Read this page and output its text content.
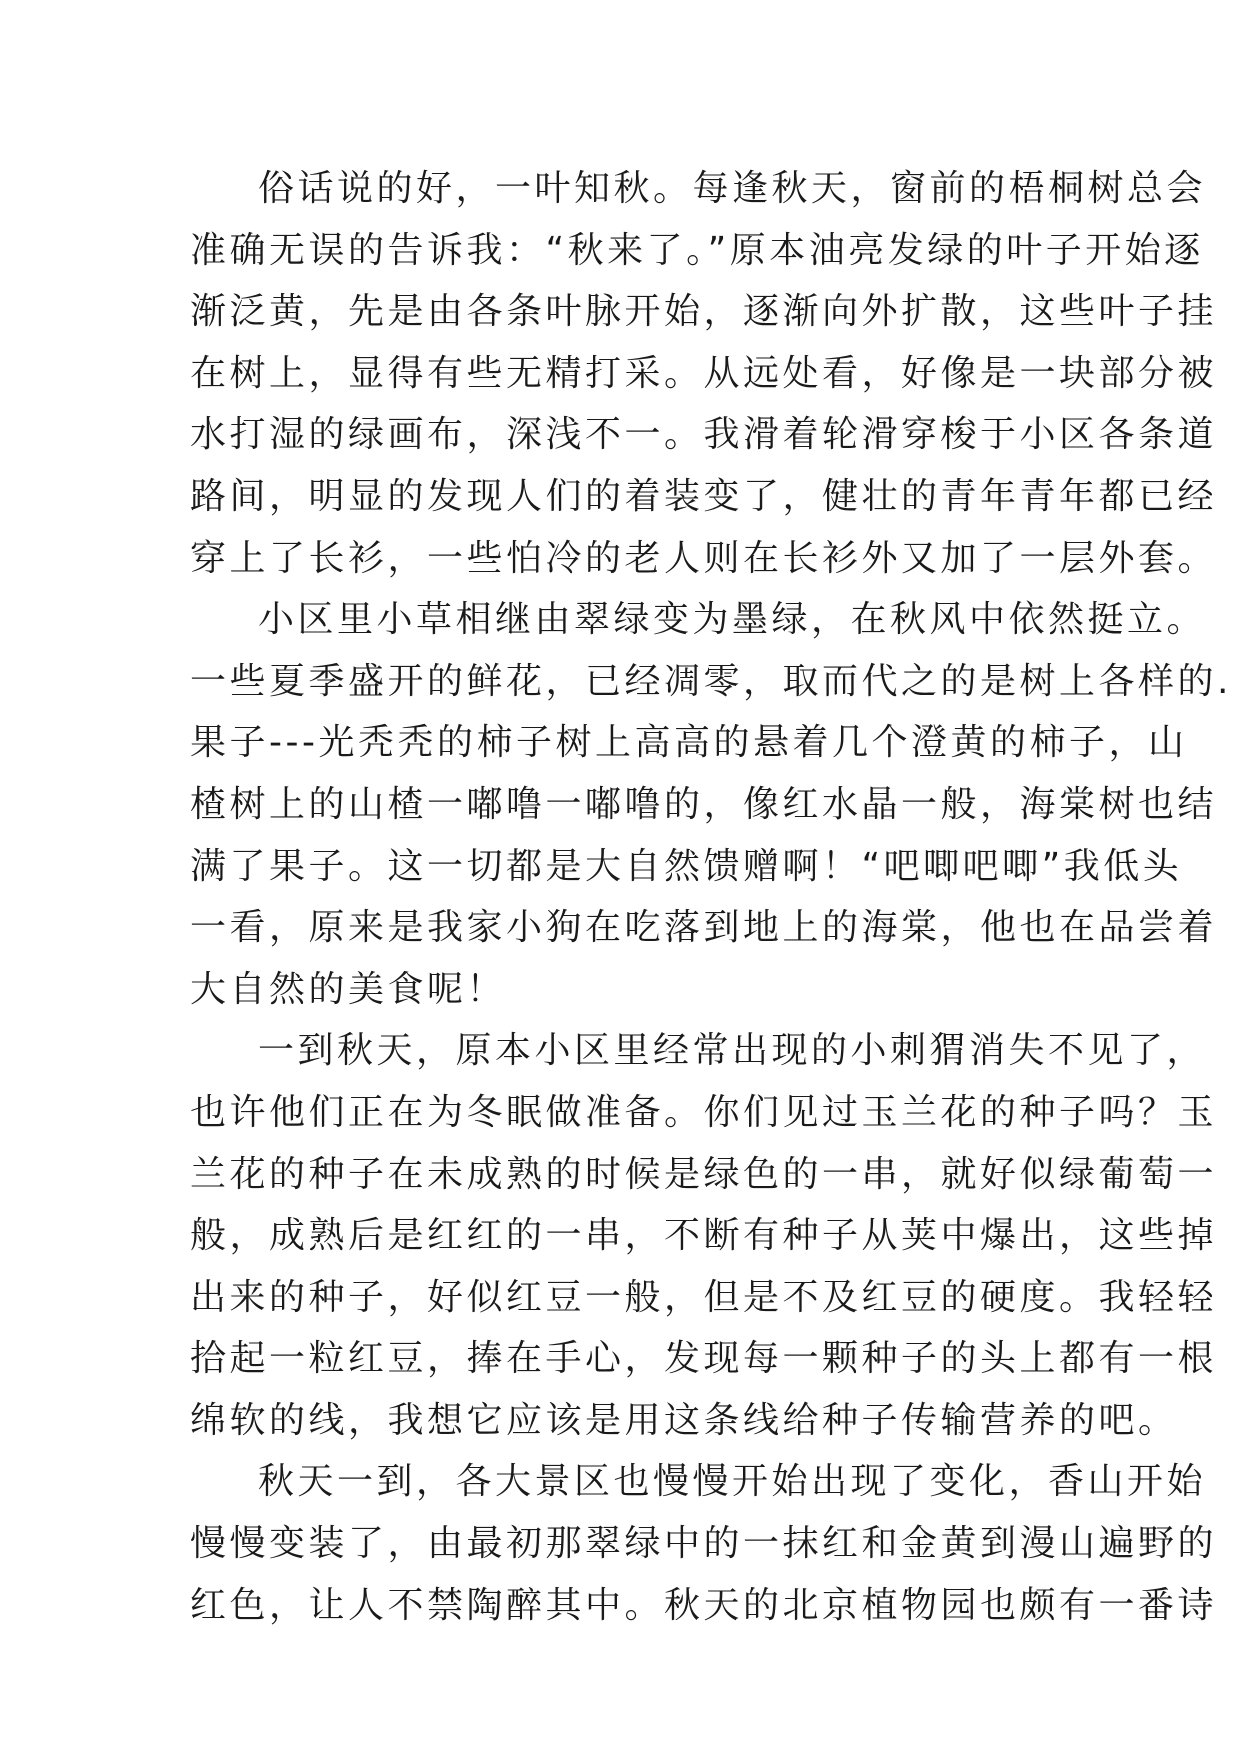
俗话说的好，一叶知秋。每逢秋天，窗前的梧桐树总会
准确无误的告诉我：“秋来了。”原本油亮发绿的叶子开始逐
渐泛黄，先是由各条叶脉开始，逐渐向外扩散，这些叶子挂
在树上，显得有些无精打采。从远处看，好像是一块部分被
水打湿的绿画布，深浅不一。我滑着轮滑穿梭于小区各条道
路间，明显的发现人们的着装变了，健壮的青年青年都已经
穿上了长衫，一些怕冷的老人则在长衫外又加了一层外套。
小区里小草相继由翠绿变为墨绿，在秋风中依然挺立。
一些夏季盛开的鲜花，已经凋零，取而代之的是树上各样的.
果子---光秃秃的柿子树上高高的悬着几个澄黄的柿子，山
楂树上的山楂一嘟噜一嘟噜的，像红水晶一般，海棠树也结
满了果子。这一切都是大自然馈赠啊！“吧唧吧唧”我低头
一看，原来是我家小狗在吃落到地上的海棠，他也在品尝着
大自然的美食呢！
一到秋天，原本小区里经常出现的小刺猬消失不见了，
也许他们正在为冬眠做准备。你们见过玉兰花的种子吗？玉
兰花的种子在未成熟的时候是绿色的一串，就好似绿葡萄一
般，成熟后是红红的一串，不断有种子从荚中爆出，这些掉
出来的种子，好似红豆一般，但是不及红豆的硬度。我轻轻
拾起一粒红豆，捧在手心，发现每一颗种子的头上都有一根
绵软的线，我想它应该是用这条线给种子传输营养的吧。
秋天一到，各大景区也慢慢开始出现了变化，香山开始
慢慢变装了，由最初那翠绿中的一抹红和金黄到漫山遍野的
红色，让人不禁陶醉其中。秋天的北京植物园也颇有一番诗
